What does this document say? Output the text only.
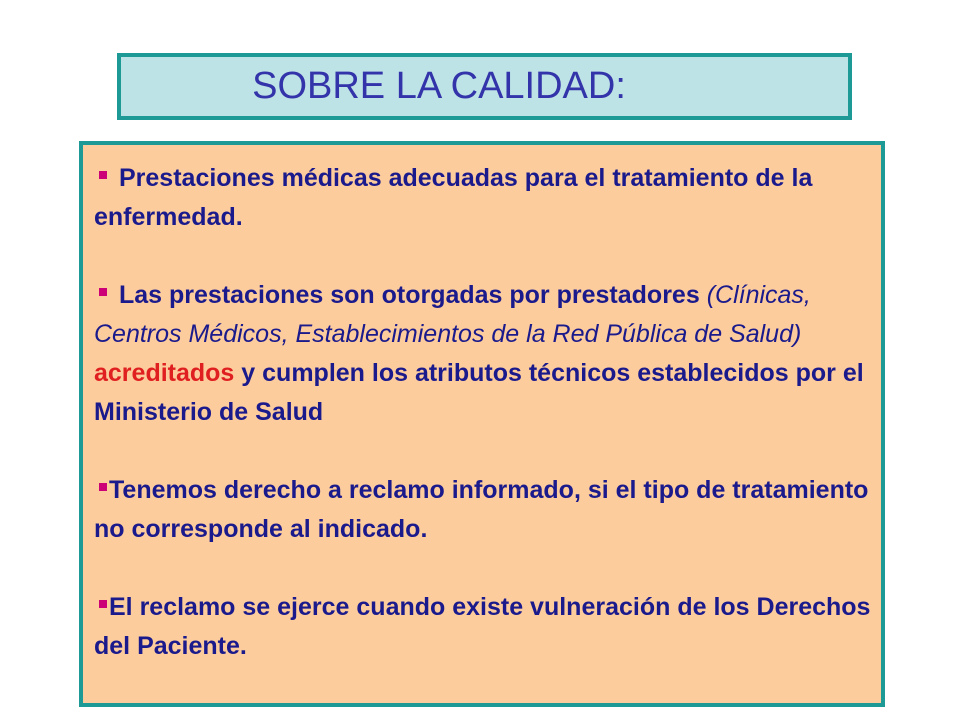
SOBRE LA CALIDAD:

Prestaciones médicas adecuadas para el tratamiento de la enfermedad.

Las prestaciones son otorgadas por prestadores (Clínicas, Centros Médicos, Establecimientos de la Red Pública de Salud) acreditados y cumplen los atributos técnicos establecidos por el Ministerio de Salud

Tenemos derecho a reclamo informado, si el tipo de tratamiento no corresponde al indicado.

El reclamo se ejerce cuando existe vulneración de los Derechos del Paciente.
